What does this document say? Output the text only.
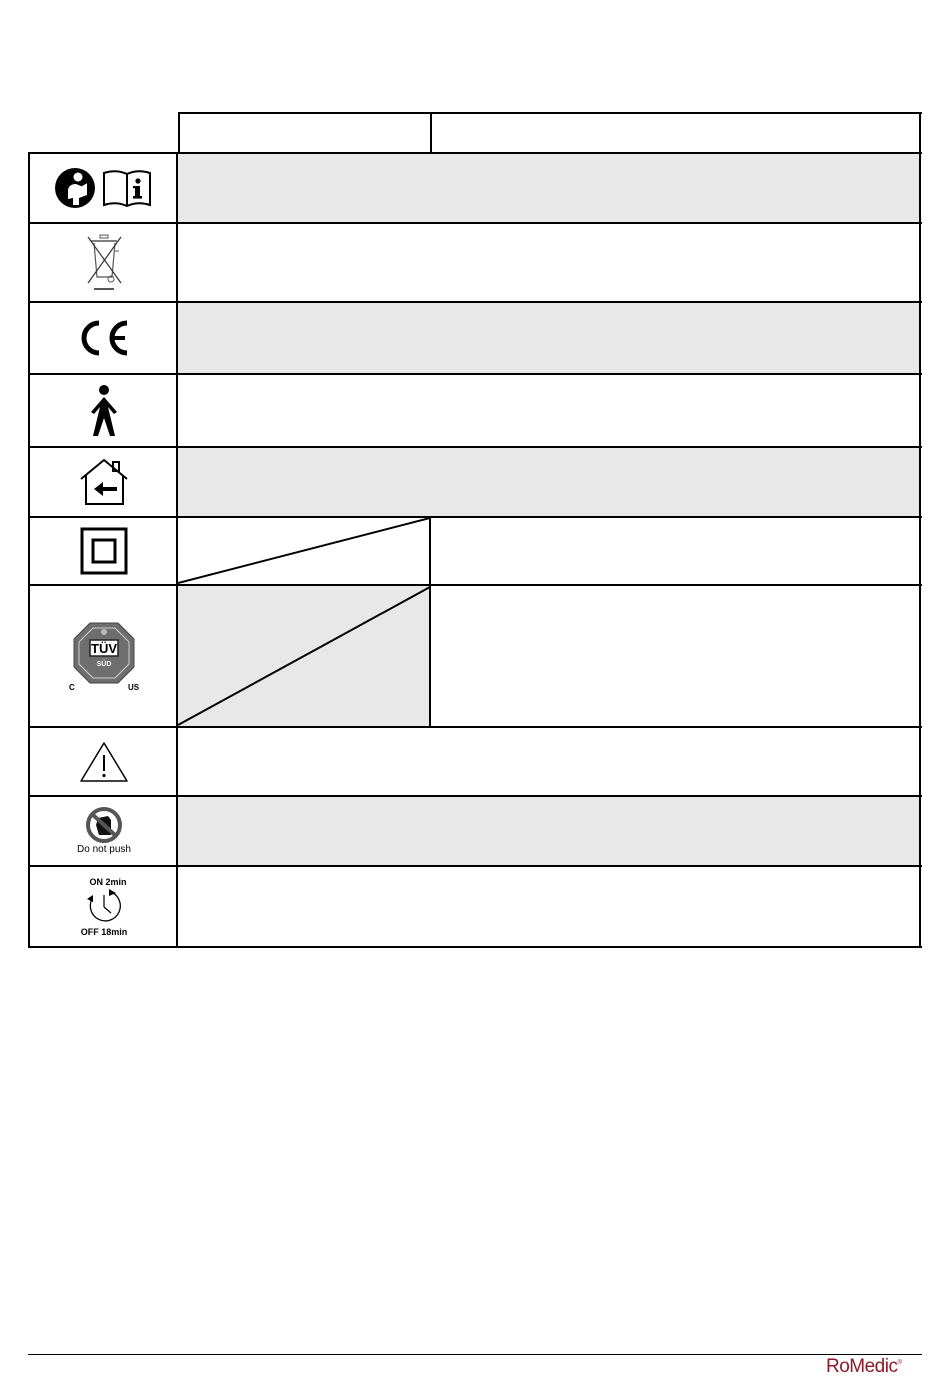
TÜV
SÜD
C	US
Do not push
ON 2min
OFF 18min
RoMedic®
